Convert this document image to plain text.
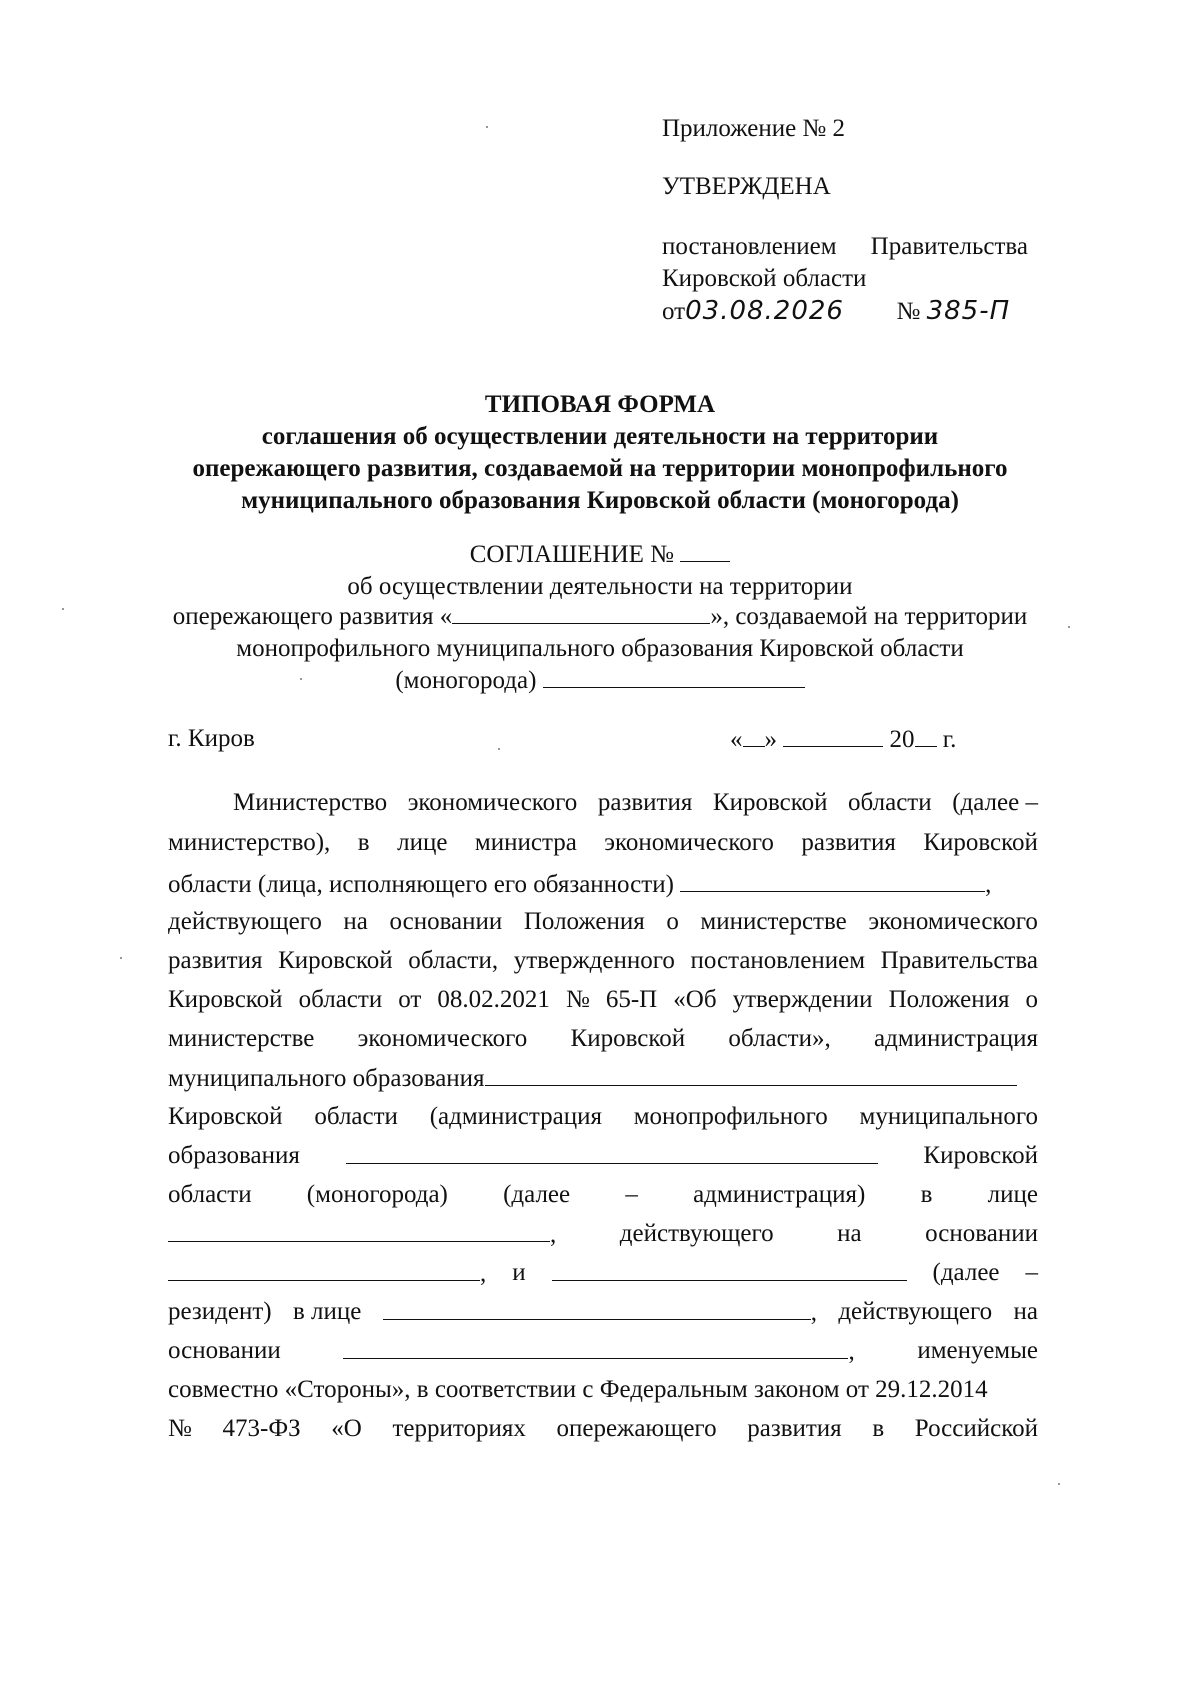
Приложение № 2
УТВЕРЖДЕНА
постановлением Правительства
Кировской области
от03.08.2026 № 385-П
ТИПОВАЯ ФОРМА
соглашения об осуществлении деятельности на территории
опережающего развития, создаваемой на территории монопрофильного
муниципального образования Кировской области (моногорода)
СОГЛАШЕНИЕ №
об осуществлении деятельности на территории
опережающего развития «	», создаваемой на территории
монопрофильного муниципального образования Кировской области
(моногорода)
г. Киров	« »	20 г.
Министерство экономического развития Кировской области (далее –
министерство), в лице министра экономического развития Кировской
области (лица, исполняющего его обязанности)	,
действующего на основании Положения о министерстве экономического
развития Кировской области, утвержденного постановлением Правительства
Кировской области от 08.02.2021 № 65-П «Об утверждении Положения о
министерстве экономического Кировской области», администрация
муниципального образования
Кировской области (администрация монопрофильного муниципального
образования	Кировской
области (моногорода) (далее – администрация) в лице
,	действующего	на	основании
, и	(далее –
резидент) в лице	, действующего на
основании	,	именуемые
совместно «Стороны», в соответствии с Федеральным законом от 29.12.2014
№ 473-ФЗ «О территориях опережающего развития в Российской
